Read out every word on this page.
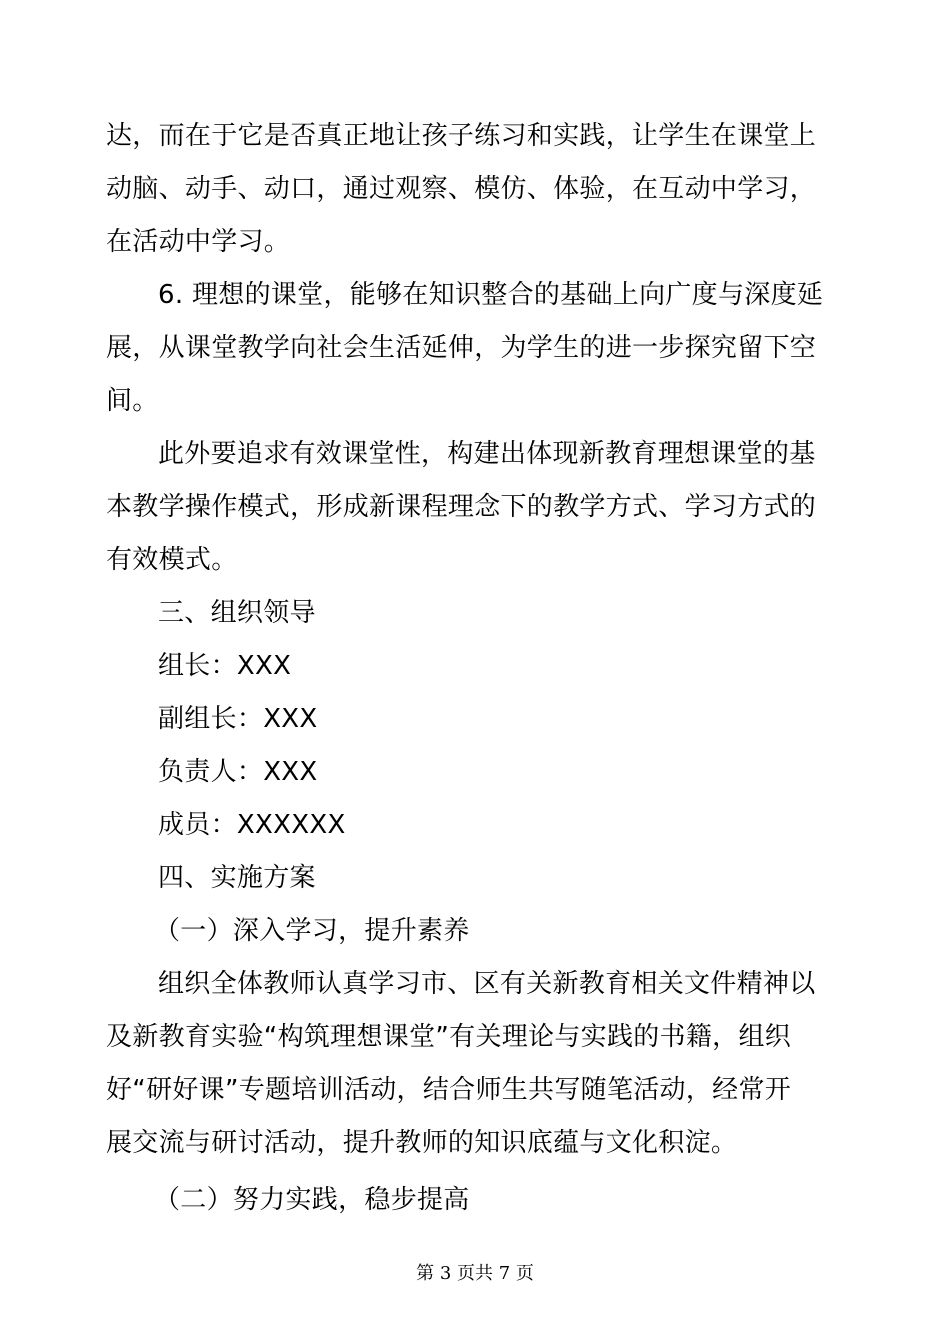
达，而在于它是否真正地让孩子练习和实践，让学生在课堂上
动脑、动手、动口，通过观察、模仿、体验，在互动中学习，
在活动中学习。

6. 理想的课堂，能够在知识整合的基础上向广度与深度延
展，从课堂教学向社会生活延伸，为学生的进一步探究留下空
间。

此外要追求有效课堂性，构建出体现新教育理想课堂的基
本教学操作模式，形成新课程理念下的教学方式、学习方式的
有效模式。

三、组织领导

组长：XXX

副组长：XXX

负责人：XXX

成员：XXXXXX

四、实施方案

（一）深入学习，提升素养

组织全体教师认真学习市、区有关新教育相关文件精神以
及新教育实验“构筑理想课堂”有关理论与实践的书籍，组织
好“研好课”专题培训活动，结合师生共写随笔活动，经常开
展交流与研讨活动，提升教师的知识底蕴与文化积淀。

（二）努力实践，稳步提高

第 3 页共 7 页
